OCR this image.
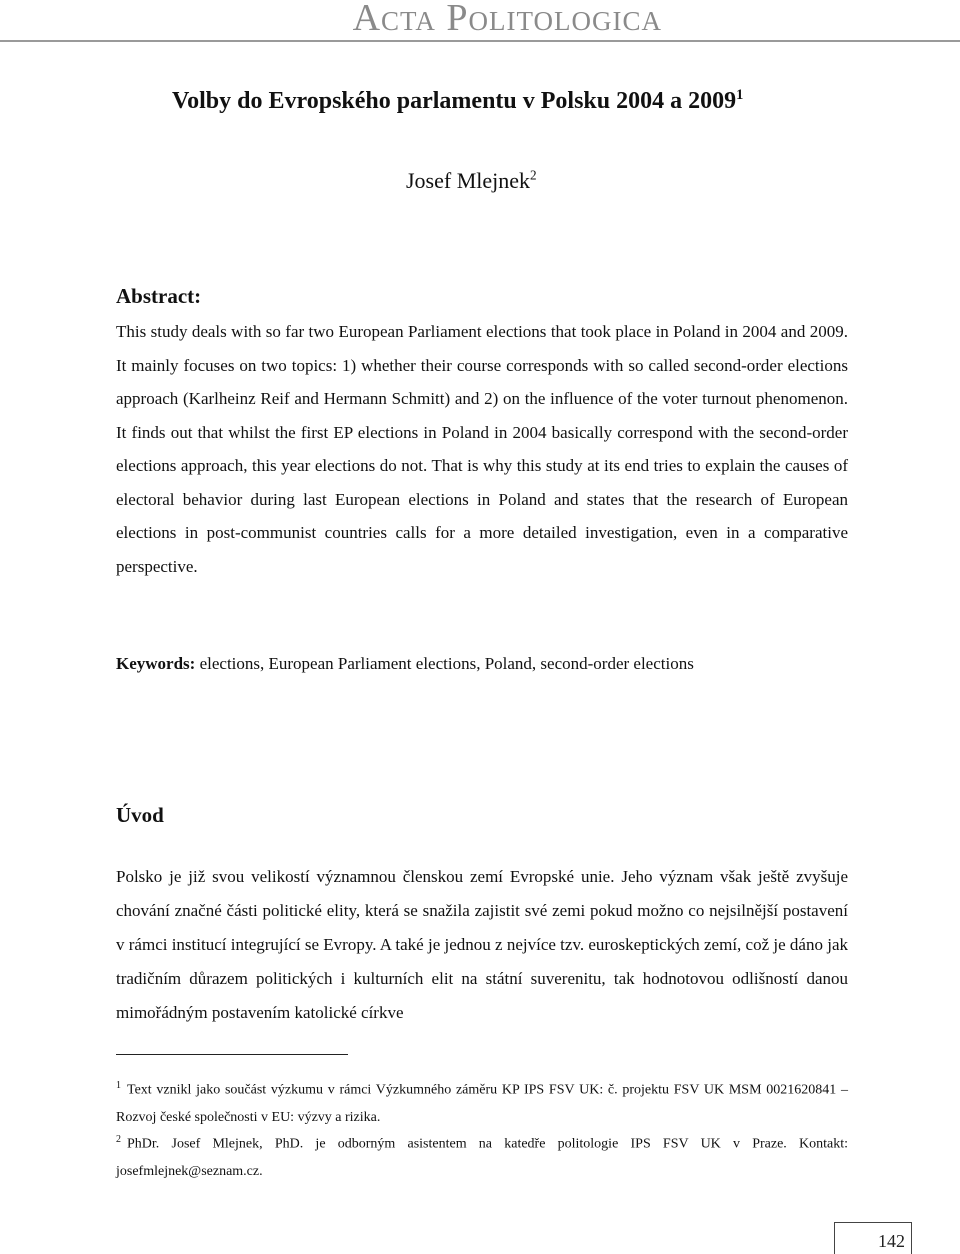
Acta Politologica
Volby do Evropského parlamentu v Polsku 2004 a 2009$^1$
Josef Mlejnek$^2$
Abstract:

This study deals with so far two European Parliament elections that took place in Poland in 2004 and 2009. It mainly focuses on two topics: 1) whether their course corresponds with so called second-order elections approach (Karlheinz Reif and Hermann Schmitt) and 2) on the influence of the voter turnout phenomenon. It finds out that whilst the first EP elections in Poland in 2004 basically correspond with the second-order elections approach, this year elections do not. That is why this study at its end tries to explain the causes of electoral behavior during last European elections in Poland and states that the research of European elections in post-communist countries calls for a more detailed investigation, even in a comparative perspective.

Keywords: elections, European Parliament elections, Poland, second-order elections

Úvod

Polsko je již svou velikostí významnou členskou zemí Evropské unie. Jeho význam však ještě zvyšuje chování značné části politické elity, která se snažila zajistit své zemi pokud možno co nejsilnější postavení v rámci institucí integrující se Evropy. A také je jednou z nejvíce tzv. euroskeptických zemí, což je dáno jak tradičním důrazem politických i kulturních elit na státní suverenitu, tak hodnotovou odlišností danou mimořádným postavením katolické církve

$^1$ Text vznikl jako součást výzkumu v rámci Výzkumného záměru KP IPS FSV UK: č. projektu FSV UK MSM 0021620841 – Rozvoj české společnosti v EU: výzvy a rizika.

$^2$ PhDr. Josef Mlejnek, PhD. je odborným asistentem na katedře politologie IPS FSV UK v Praze. Kontakt: josefmlejnek@seznam.cz.

142
